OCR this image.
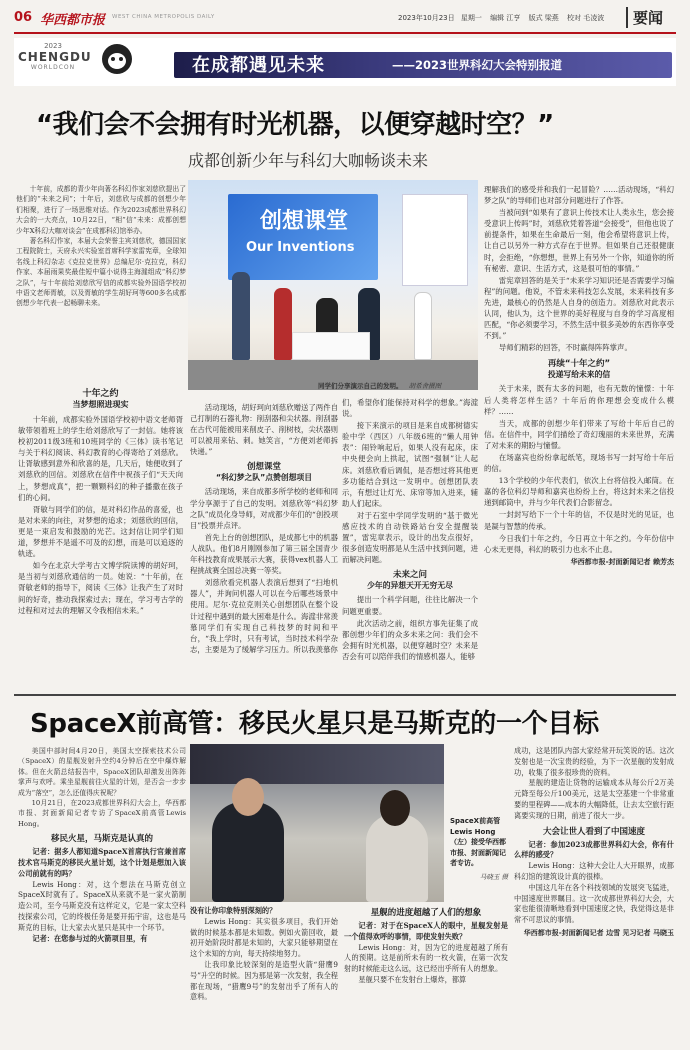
06 华西都市报 WEST CHINA METROPOLIS DAILY	2023年10月23日 星期一 编辑 江亨 版式 梁燕 校对 毛凌波	要闻
2023
CHENGDU
WORLDCON	在成都遇见未来	——2023世界科幻大会特别报道
“我们会不会拥有时光机器，以便穿越时空？”
成都创新少年与科幻大咖畅谈未来

十年前，成都的青少年向著名科幻作家刘慈欣提出了他们的“未来之问”；十年后，刘慈欣与成都的创想少年们相聚，进行了一场思维对话。作为2023成都世界科幻大会的一大亮点，10月22日，“相”信“未来：成都创想少年X科幻大咖对谈会”在成都科幻馆举办。

著名科幻作家，本届大会荣誉主宾刘慈欣，德国国家工程院院士，天府永兴实验室首席科学家雷宪章，全球知名线上科幻杂志《克拉克世界》总编尼尔·克拉克，科幻作家、本届雨果奖最佳短中篇小说得主海漄组成“科幻梦之队”，与十年前给刘慈欣写信的成都实验外国语学校初中语文老师胥敏，以及胥敏的学生胡好珂等600多名成都创想少年代表一起畅聊未来。

创想课堂
Our Inventions
同学们分享演示自己的发明。 胡希舍摄图
十年之约
当梦想照进现实

十年前，成都实验外国语学校初中语文老师胥敏带领着班上的学生给刘慈欣写了一封信。她将该校初2011级3班和10班同学的《三体》读书笔记与关于科幻阅读、科幻教育的心得寄给了刘慈欣。让胥敏感到意外和欣喜的是，几天后，她便收到了刘慈欣的回信。刘慈欣在信件中祝孩子们“天天向上，梦想成真”，把一颗颗科幻的种子播撒在孩子们的心间。

胥敏与同学们的信，是对科幻作品的喜爱，也是对未来的向往，对梦想的追求；刘慈欣的回信，更是一束启发和鼓励的光芒。这封信让同学们知道，梦想并不是遥不可及的幻想，而是可以追逐的轨迹。

如今在北京大学考古文博学院读博的胡好珂，是当初与刘慈欣通信的一员。她说：“十年前，在胥敏老师的指导下，阅读《三体》让我产生了对时间的好奇，推动我探索过去；现在，学习考古学的过程和对过去的理解又令我相信未来。”

活动现场，胡好珂向刘慈欣赠送了两件自己打制的石器礼物：削刮器和尖状器。削刮器在古代可能被用来削皮子、削树枝，尖状器则可以被用来钻、刺。她笑言，“方便刘老师拆快递。”

创想课堂
“科幻梦之队”点赞创想项目

活动现场，来自成都多所学校的老师和同学分享源于了自己的发明。刘慈欣等“科幻梦之队”成员化身导师，对成都少年们的“创投项目”投票并点评。

首先上台的创想团队，是成都七中的机器人战队。他们8月刚刚参加了第三届全国青少年科技教育成果展示大赛，获得vex机器人工程挑战赛全国总决赛一等奖。

刘慈欣看完机器人表演后想到了“扫地机器人”，并询问机器人可以在今后哪些场景中使用。尼尔·克拉克则关心创想团队在整个设计过程中遇到的最大困难是什么。海漄非常羡慕同学们有实现自己科技梦的时间和平台，“我上学时，只有考试，当时技术科学杂志，主要是为了缓解学习压力。所以我羡慕你

们，希望你们能保持对科学的想象。”海漄说。

接下来演示的项目是来自成都树德实验中学（西区）八年级6班的“懒人用钟表”：闹铃响起后，如果人没有起床，床中央便会向上拱起，试图“强制”让人起床。刘慈欣看后调侃，是否想过将其他更多功能结合到这一发明中。创想团队表示，有想过让灯光、床帘等加入进来，辅助人们起床。

对于石室中学同学发明的“基于微光感应技术的自动铁路站台安全提醒装置”，雷宪章表示，设计的出发点很好，很多创造发明都是从生活中找到问题，进而解决问题。

未来之问
少年的异想天开无穷无尽

提出一个科学问题，往往比解决一个问题更重要。

此次活动之前，组织方事先征集了成都创想少年们的众多未来之问：我们会不会拥有时光机器，以便穿越时空？未来是否会有可以陪伴我们的情感机器人，能够

理解我们的感受并和我们一起冒险？……活动现场，“科幻梦之队”的导师们也对部分问题进行了作答。

当被问到“如果有了意识上传技术让人类永生，您会接受意识上传吗”时，刘慈欣凭着答道“会接受”，但他也说了前提条件，如果在生命最后一刻，他会希望将意识上传，让自己以另外一种方式存在于世界。但如果自己还很健康时，会拒绝，“你想想，世界上有另外一个你，知道你的所有秘密、意识、生活方式，这是很可怕的事情。”

雷宪章回答的是关于“未来学习知识还是否需要学习编程”的问题。他说，不管未来科技怎么发展，未来科技有多先进，最核心的仍然是人自身的创造力。刘慈欣对此表示认同，他认为，这个世界的美好程度与自身的学习高度相匹配，“你必须要学习，不然生活中很多美妙的东西你享受不到。”

导师们精彩的回答，不时赢得阵阵掌声。

再续“十年之约”
投递写给未来的信

关于未来，既有太多的问题，也有无数的憧憬：十年后人类将怎样生活？十年后的你理想会变成什么模样？……

当天，成都的创想少年们带来了写给十年后自己的信。在信件中，同学们描绘了奇幻瑰丽的未来世界，充满了对未来的期盼与憧憬。

在场嘉宾也纷纷拿起纸笔，现场书写一封写给十年后的信。

13个学校的少年代表们，依次上台将信投入邮筒。在嘉的各位科幻导师和嘉宾也纷纷上台，将这封未来之信投递到邮筒中，并与少年代表们合影留念。

一封封写给下一个十年的信，不仅是时光的见证，也是凝与智慧的传承。

今日我们十年之约，今日再立十年之约。今年份信中心未无更得，科幻的吸引力也永不止息。

华西都市报-封面新闻记者 赖芳杰
SpaceX前高管：移民火星只是马斯克的一个目标

美国中部时间4月20日，美国太空探索技术公司（SpaceX）的星舰发射升空约4分钟后在空中爆炸解体。但在火箭总结报告中，SpaceX团队却激发出阵阵掌声与欢呼。乘坐星舰前往火星的计划，是否会一步步成为“落空”，怎么还值得庆祝呢？

10月21日，在2023成都世界科幻大会上，华西都市报、封面新闻记者专访了SpaceX前高管Lewis Hong。

移民火星，马斯克是认真的

记者：据多人都知道SpaceX首席执行官兼首席技术官马斯克的移民火星计划，这个计划是想加入该公司前就有的吗？

Lewis Hong：对，这个想法在马斯克创立SpaceX时就有了。SpaceX从来就不是一家火箭制造公司，至今马斯克没有这样定义，它是一家太空科技探索公司，它的终极任务是要开拓宇宙，这也是马斯克的目标，让大家去火星只是其中一个环节。

记者：在您参与过的火箭项目里，有

SpaceX前高管Lewis Hong（左）接受华西都市报、封面新闻记者专访。
马晓玉 摄

没有让你印象特别深刻的？

Lewis Hong：其实很多项目，我们开始做的时候基本都是未知数。例如火箭回收，最初开始阶段时都是未知的，大家只能够期望在这个未知的方向，每天持续地努力。

让我印象比较深刻的是造型火箭“猎鹰9号”升空的时候。因为那是第一次发射，我全程都在现场，“猎鹰9号”的发射出乎了所有人的意料。

星舰的进度超越了人们的想象

记者：对于在SpaceX人的眼中，星舰发射是一个值得欢呼的事情，即使发射失败？

Lewis Hong：对，因为它的进度超越了所有人的预期。这是前所未有的一枚火箭，在第一次发射的时候能走这么远，这已经出乎所有人的想象。

星舰只要不在发射台上爆炸，都算

成功，这是团队内部大家经常开玩笑说的话。这次发射也是一次宝贵的经验，为下一次星舰的发射成功，收集了很多很珍贵的资料。

星舰的建造让货物的运输成本从每公斤2万美元降至每公斤100美元，这是太空基建一个非常重要的里程碑——成本的大幅降低，让去太空旅行距离要实现的日期，前进了很大一步。

大会让世人看到了中国速度

记者：参加2023成都世界科幻大会，你有什么样的感受？

Lewis Hong：这种大会让人大开眼界，成都科幻馆的建筑设计真的很棒。

中国这几年在各个科技领域的发展突飞猛进，中国速度世界瞩目。这一次成都世界科幻大会，大家也能很清晰地看到中国速度之快，我觉得这是非常不可思议的事情。

华西都市报-封面新闻记者 边雪 见习记者 马晓玉
